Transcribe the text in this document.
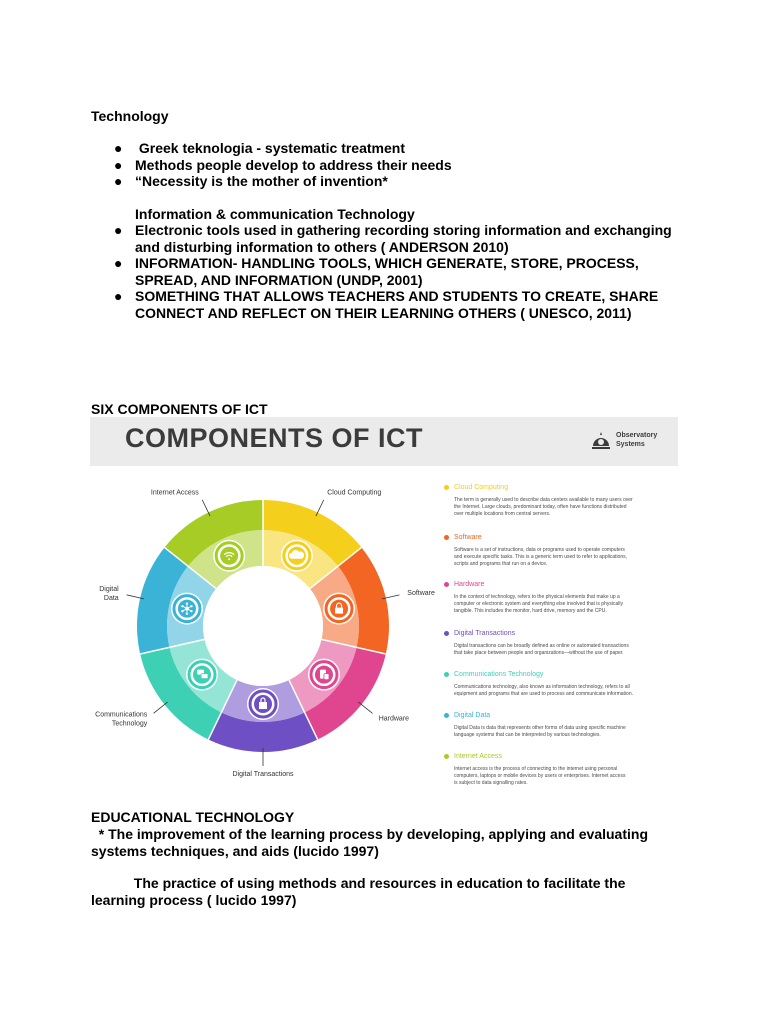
Technology
● Greek teknologia - systematic treatment
● Methods people develop to address their needs
● “Necessity is the mother of invention*
Information & communication Technology
● Electronic tools used in gathering recording storing information and exchanging
and disturbing information to others ( ANDERSON 2010)
● INFORMATION- HANDLING TOOLS, WHICH GENERATE, STORE, PROCESS,
SPREAD, AND INFORMATION (UNDP, 2001)
● SOMETHING THAT ALLOWS TEACHERS AND STUDENTS TO CREATE, SHARE
CONNECT AND REFLECT ON THEIR LEARNING OTHERS ( UNESCO, 2011)
SIX COMPONENTS OF ICT
COMPONENTS OF ICT	Observatory
Systems
Cloud Computing
Software
Hardware
Digital Transactions
Communications Technology
Digital Data
Internet Access
Cloud Computing
The term is generally used to describe data centers available to many users over
the Internet. Large clouds, predominant today, often have functions distributed
over multiple locations from central servers.
Software
Software is a set of instructions, data or programs used to operate computers
and execute specific tasks. This is a generic term used to refer to applications,
scripts and programs that run on a device.
Hardware
In the context of technology, refers to the physical elements that make up a
computer or electronic system and everything else involved that is physically
tangible. This includes the monitor, hard drive, memory and the CPU.
Digital Transactions
Digital transactions can be broadly defined as online or automated transactions
that take place between people and organizations—without the use of paper.
Communications Technology
Communications technology, also known as information technology, refers to all
equipment and programs that are used to process and communicate information.
Digital Data
Digital Data is data that represents other forms of data using specific machine
language systems that can be interpreted by various technologies.
Internet Access
Internet access is the process of connecting to the internet using personal
computers, laptops or mobile devices by users or enterprises. Internet access
is subject to data signalling rates.
EDUCATIONAL TECHNOLOGY
* The improvement of the learning process by developing, applying and evaluating
systems techniques, and aids (lucido 1997)
The practice of using methods and resources in education to facilitate the
learning process ( lucido 1997)
